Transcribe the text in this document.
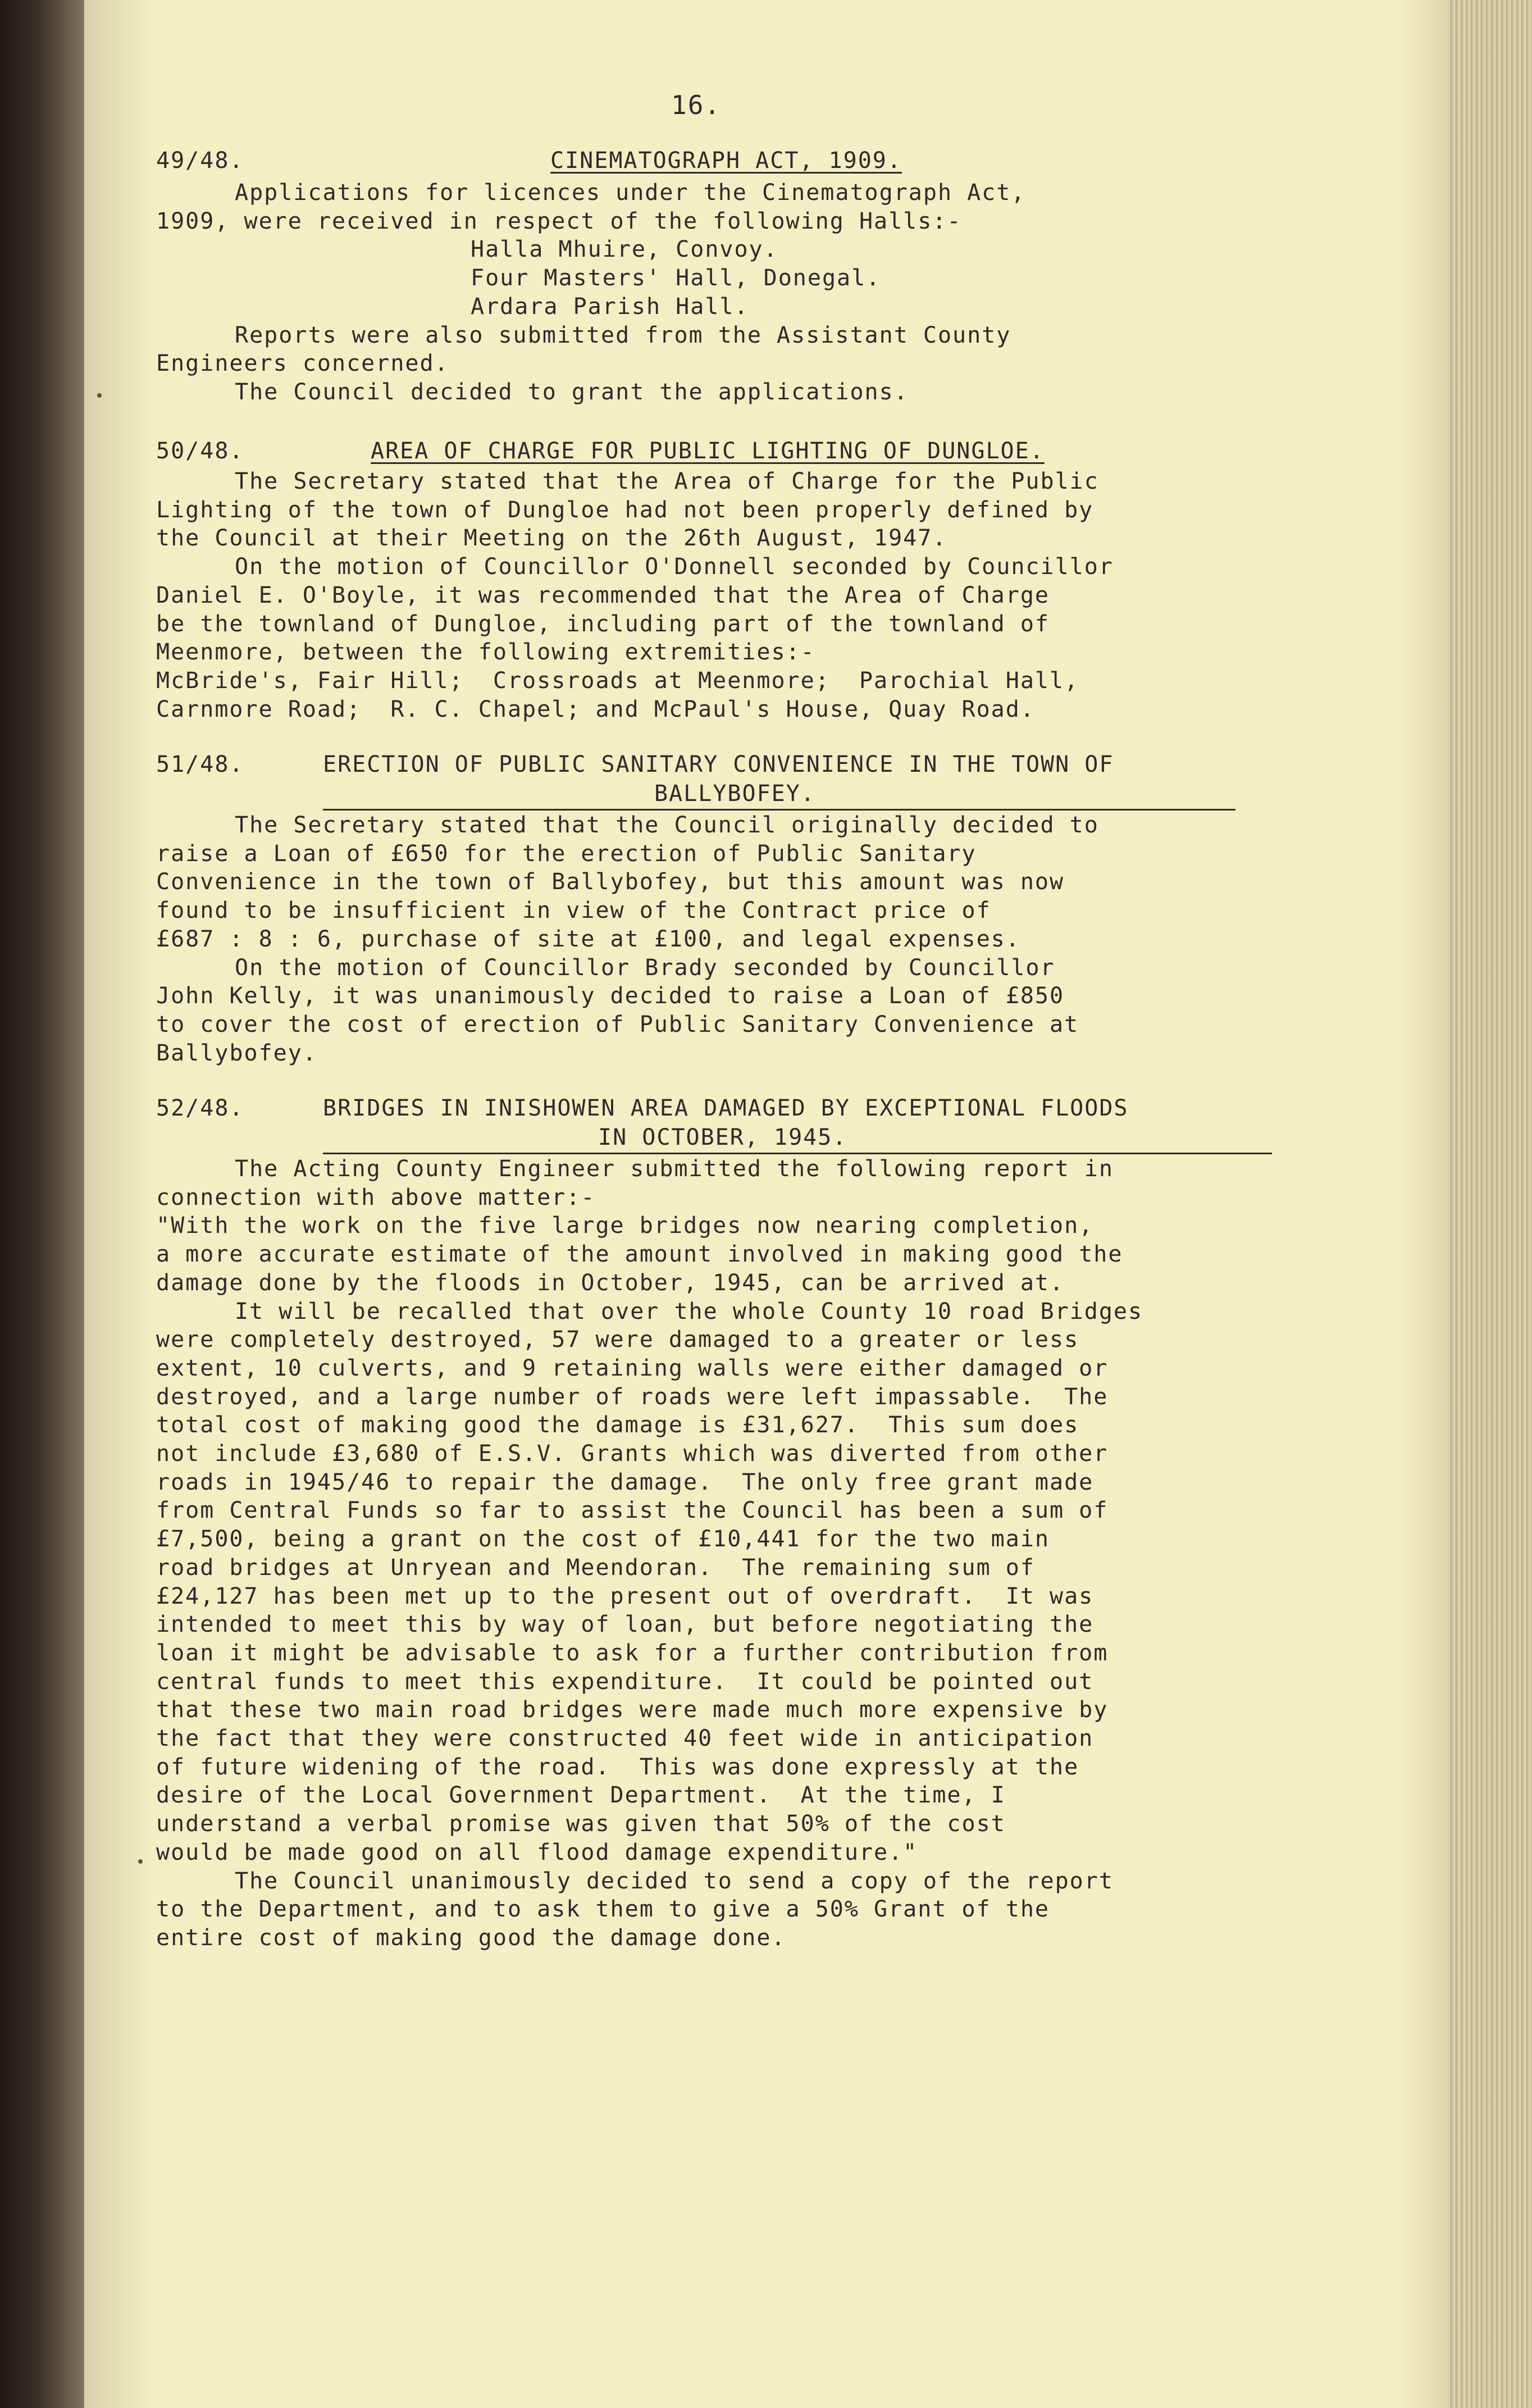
16.
49/48.	CINEMATOGRAPH ACT, 1909.
Applications for licences under the Cinematograph Act,
1909, were received in respect of the following Halls:-
Halla Mhuire, Convoy.
Four Masters' Hall, Donegal.
Ardara Parish Hall.
Reports were also submitted from the Assistant County
Engineers concerned.
The Council decided to grant the applications.
50/48.	AREA OF CHARGE FOR PUBLIC LIGHTING OF DUNGLOE.
The Secretary stated that the Area of Charge for the Public
Lighting of the town of Dungloe had not been properly defined by
the Council at their Meeting on the 26th August, 1947.
On the motion of Councillor O'Donnell seconded by Councillor
Daniel E. O'Boyle, it was recommended that the Area of Charge
be the townland of Dungloe, including part of the townland of
Meenmore, between the following extremities:-
McBride's, Fair Hill;  Crossroads at Meenmore;  Parochial Hall,
Carnmore Road;  R. C. Chapel; and McPaul's House, Quay Road.
51/48.	ERECTION OF PUBLIC SANITARY CONVENIENCE IN THE TOWN OF
BALLYBOFEY.
The Secretary stated that the Council originally decided to
raise a Loan of £650 for the erection of Public Sanitary
Convenience in the town of Ballybofey, but this amount was now
found to be insufficient in view of the Contract price of
£687 : 8 : 6, purchase of site at £100, and legal expenses.
On the motion of Councillor Brady seconded by Councillor
John Kelly, it was unanimously decided to raise a Loan of £850
to cover the cost of erection of Public Sanitary Convenience at
Ballybofey.
52/48.	BRIDGES IN INISHOWEN AREA DAMAGED BY EXCEPTIONAL FLOODS
IN OCTOBER, 1945.
The Acting County Engineer submitted the following report in
connection with above matter:-
"With the work on the five large bridges now nearing completion,
a more accurate estimate of the amount involved in making good the
damage done by the floods in October, 1945, can be arrived at.
It will be recalled that over the whole County 10 road Bridges
were completely destroyed, 57 were damaged to a greater or less
extent, 10 culverts, and 9 retaining walls were either damaged or
destroyed, and a large number of roads were left impassable.  The
total cost of making good the damage is £31,627.  This sum does
not include £3,680 of E.S.V. Grants which was diverted from other
roads in 1945/46 to repair the damage.  The only free grant made
from Central Funds so far to assist the Council has been a sum of
£7,500, being a grant on the cost of £10,441 for the two main
road bridges at Unryean and Meendoran.  The remaining sum of
£24,127 has been met up to the present out of overdraft.  It was
intended to meet this by way of loan, but before negotiating the
loan it might be advisable to ask for a further contribution from
central funds to meet this expenditure.  It could be pointed out
that these two main road bridges were made much more expensive by
the fact that they were constructed 40 feet wide in anticipation
of future widening of the road.  This was done expressly at the
desire of the Local Government Department.  At the time, I
understand a verbal promise was given that 50% of the cost
would be made good on all flood damage expenditure."
The Council unanimously decided to send a copy of the report
to the Department, and to ask them to give a 50% Grant of the
entire cost of making good the damage done.
